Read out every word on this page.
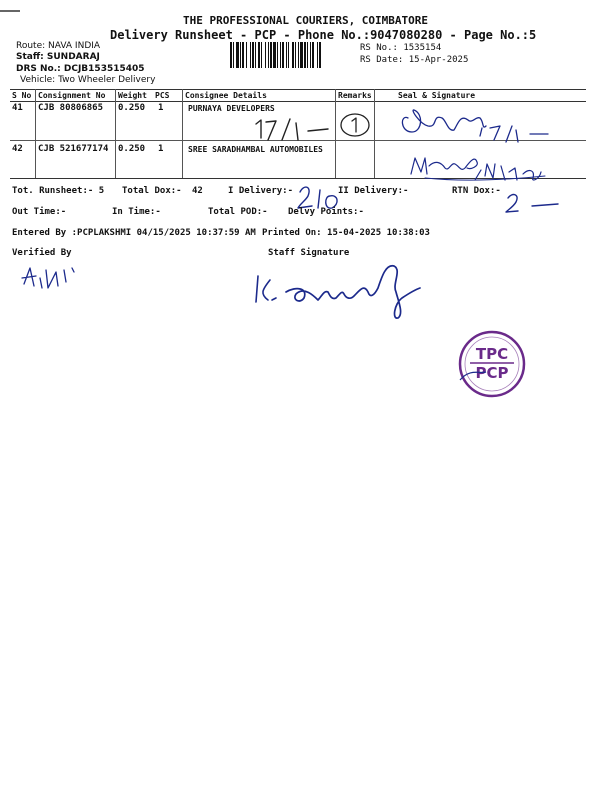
THE PROFESSIONAL COURIERS, COIMBATORE
Delivery Runsheet - PCP - Phone No.:9047080280 - Page No.:5
Route: NAVA INDIA
Staff: SUNDARAJ
DRS No.: DCJB153515405
Vehicle: Two Wheeler Delivery
RS No.: 1535154
RS Date: 15-Apr-2025
S No Consignment No Weight PCS Consignee Details	Remarks	Seal & Signature
41 CJB 80806865 0.250 1	PURNAYA DEVELOPERS
42 CJB 521677174 0.250 1	SREE SARADHAMBAL AUTOMOBILES
Tot. Runsheet:- 5 Total Dox:- 42	I Delivery:-	II Delivery:-	RTN Dox:-
Out Time:-	In Time:-	Total POD:- Delvy Points:-
Entered By :PCPLAKSHMI 04/15/2025 10:37:59 AM Printed On: 15-04-2025 10:38:03
Verified By	Staff Signature
TPC
PCP
